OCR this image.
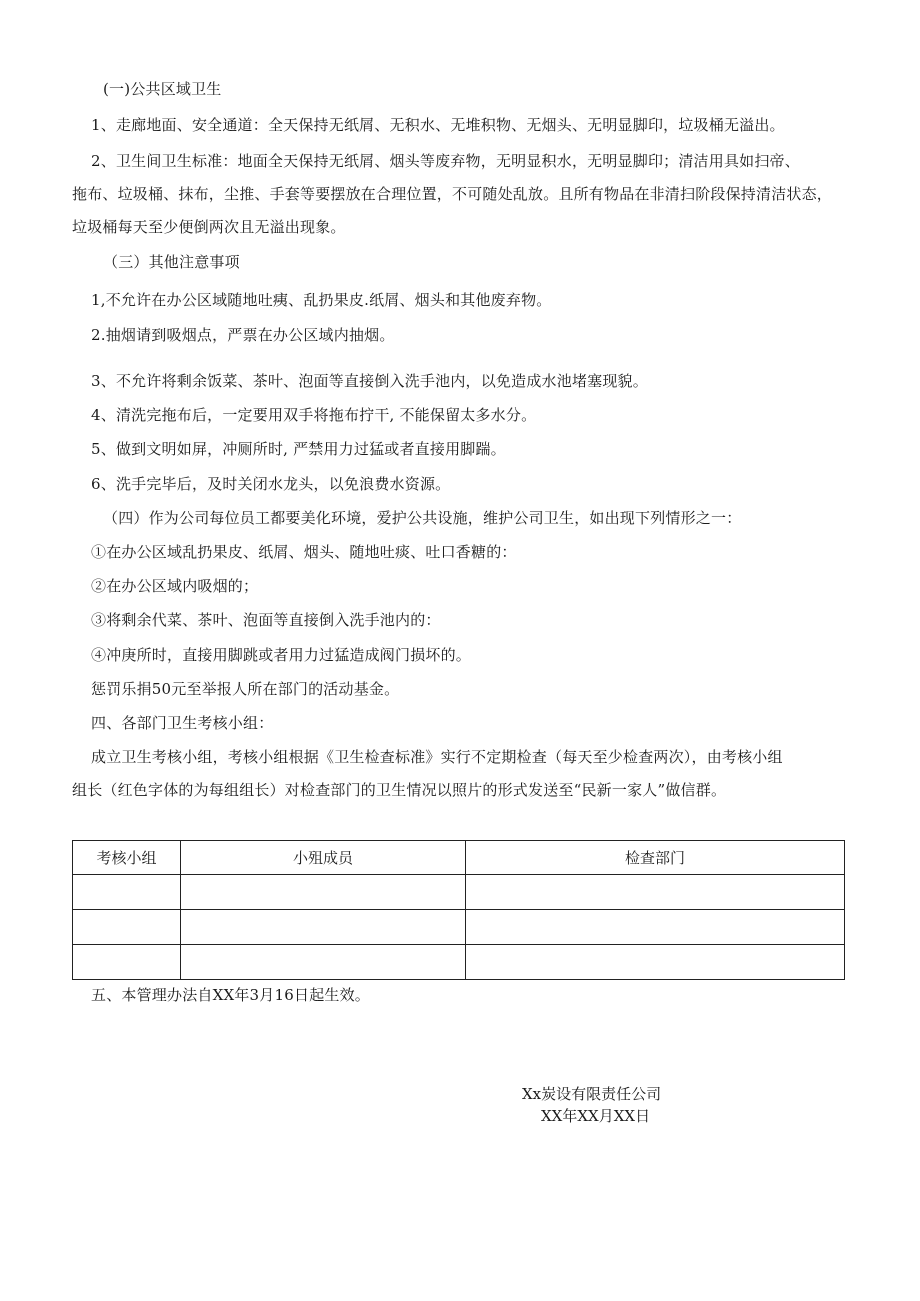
(一)公共区域卫生
1、走廊地面、安全通道：全天保持无纸屑、无积水、无堆积物、无烟头、无明显脚印，垃圾桶无溢出。
2、卫生间卫生标准：地面全天保持无纸屑、烟头等废弃物，无明显积水，无明显脚印；清洁用具如扫帝、
拖布、垃圾桶、抹布，尘推、手套等要摆放在合理位置，不可随处乱放。且所有物品在非清扫阶段保持清洁状态，
垃圾桶每天至少便倒两次且无溢出现象。
（三）其他注意事项
1,不允许在办公区域随地吐痍、乱扔果皮.纸屑、烟头和其他废弃物。
2.抽烟请到吸烟点，严票在办公区域内抽烟。
3、不允许将剩余饭菜、茶叶、泡面等直接倒入洗手池内，以免造成水池堵塞现貌。
4、清洗完拖布后，一定要用双手将拖布拧干, 不能保留太多水分。
5、做到文明如屏，冲厕所时, 严禁用力过猛或者直接用脚踹。
6、洗手完毕后，及时关闭水龙头，以免浪费水资源。
（四）作为公司每位员工都要美化环境，爱护公共设施，维护公司卫生，如出现下列情形之一：
①在办公区域乱扔果皮、纸屑、烟头、随地吐痰、吐口香糖的：
②在办公区域内吸烟的；
③将剩余代菜、茶叶、泡面等直接倒入洗手池内的：
④冲庚所时，直接用脚跳或者用力过猛造成阀门损坏的。
惩罚乐捐50元至举报人所在部门的活动基金。
四、各部门卫生考核小组：
成立卫生考核小组，考核小组根据《卫生检查标准》实行不定期检查（每天至少检查两次），由考核小组
组长（红色字体的为每组组长）对检查部门的卫生情况以照片的形式发送至“民新一家人”做信群。
考核小组	小殂成员	检查部门

五、本管理办法自XX年3月16日起生效。
Xx炭设有限责任公司
XX年XX月XX日
